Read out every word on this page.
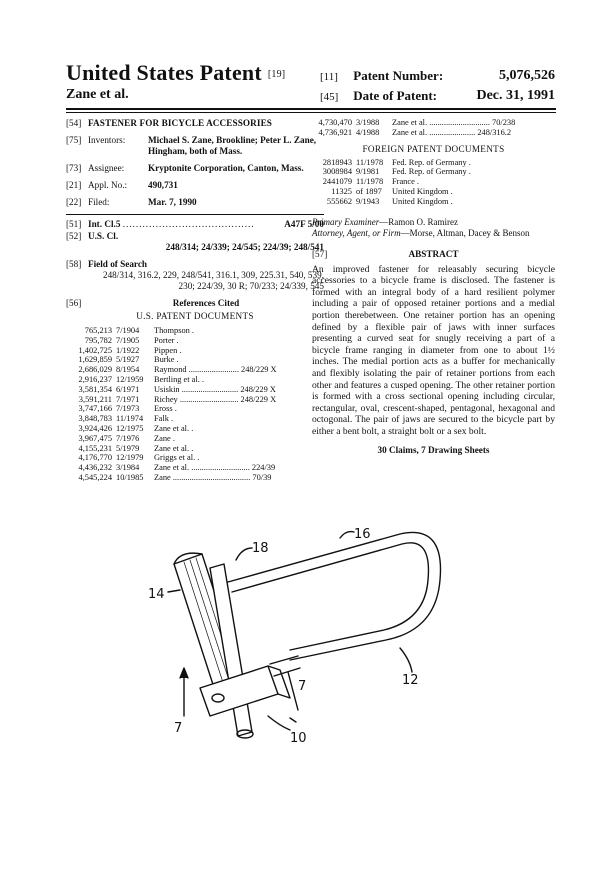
United States Patent [19]
Zane et al.
[11] Patent Number:	5,076,526
[45] Date of Patent:	Dec. 31, 1991
[54] FASTENER FOR BICYCLE ACCESSORIES
[75] Inventors:	Michael S. Zane, Brookline; Peter L. Zane, Hingham, both of Mass.
[73] Assignee:	Kryptonite Corporation, Canton, Mass.
[21] Appl. No.:	490,731
[22] Filed:	Mar. 7, 1990
[51] Int. Cl.5 ........................................	A47F 5/00
[52] U.S. Cl.
248/314; 24/339; 24/545; 224/39; 248/541
[58] Field of Search
248/314, 316.2, 229, 248/541, 316.1, 309, 225.31, 540, 539, 230; 224/39, 30 R; 70/233; 24/339, 545
[56]	References Cited
U.S. PATENT DOCUMENTS
765,213 7/1904	Thompson .
795,782 7/1905	Porter .
1,402,725 1/1922	Pippen .
1,629,859 5/1927	Burke .
2,686,029 8/1954	Raymond ........................ 248/229 X
2,916,237 12/1959	Bertling et al. .
3,581,354 6/1971	Usiskin ........................... 248/229 X
3,591,211 7/1971	Richey ............................ 248/229 X
3,747,166 7/1973	Eross .
3,848,783 11/1974	Falk .
3,924,426 12/1975	Zane et al. .
3,967,475 7/1976	Zane .
4,155,231 5/1979	Zane et al. .
4,176,770 12/1979	Griggs et al. .
4,436,232 3/1984	Zane et al. ............................ 224/39
4,545,224 10/1985	Zane ..................................... 70/39
4,730,470 3/1988	Zane et al. ............................. 70/238
4,736,921 4/1988	Zane et al. ...................... 248/316.2
FOREIGN PATENT DOCUMENTS
2818943 11/1978	Fed. Rep. of Germany .
3008984 9/1981	Fed. Rep. of Germany .
2441079 11/1978	France .
11325 of 1897	United Kingdom .
555662 9/1943	United Kingdom .
Primary Examiner—Ramon O. Ramirez
Attorney, Agent, or Firm—Morse, Altman, Dacey & Benson
[57]	ABSTRACT
An improved fastener for releasably securing bicycle accessories to a bicycle frame is disclosed. The fastener is formed with an integral body of a hard resilient polymer including a pair of opposed retainer portions and a medial portion therebetween. One retainer portion has an opening defined by a flexible pair of jaws with inner surfaces presenting a curved seat for snugly receiving a part of a bicycle frame ranging in diameter from one to about 1½ inches. The medial portion acts as a buffer for mechanically and flexibly isolating the pair of retainer portions from each other and features a cusped opening. The other retainer portion is formed with a cross sectional opening including circular, rectangular, oval, crescent-shaped, pentagonal, hexagonal and octogonal. The pair of jaws are secured to the bicycle part by either a bent bolt, a straight bolt or a sex bolt.
30 Claims, 7 Drawing Sheets
16
18
14
12
7
7
10
